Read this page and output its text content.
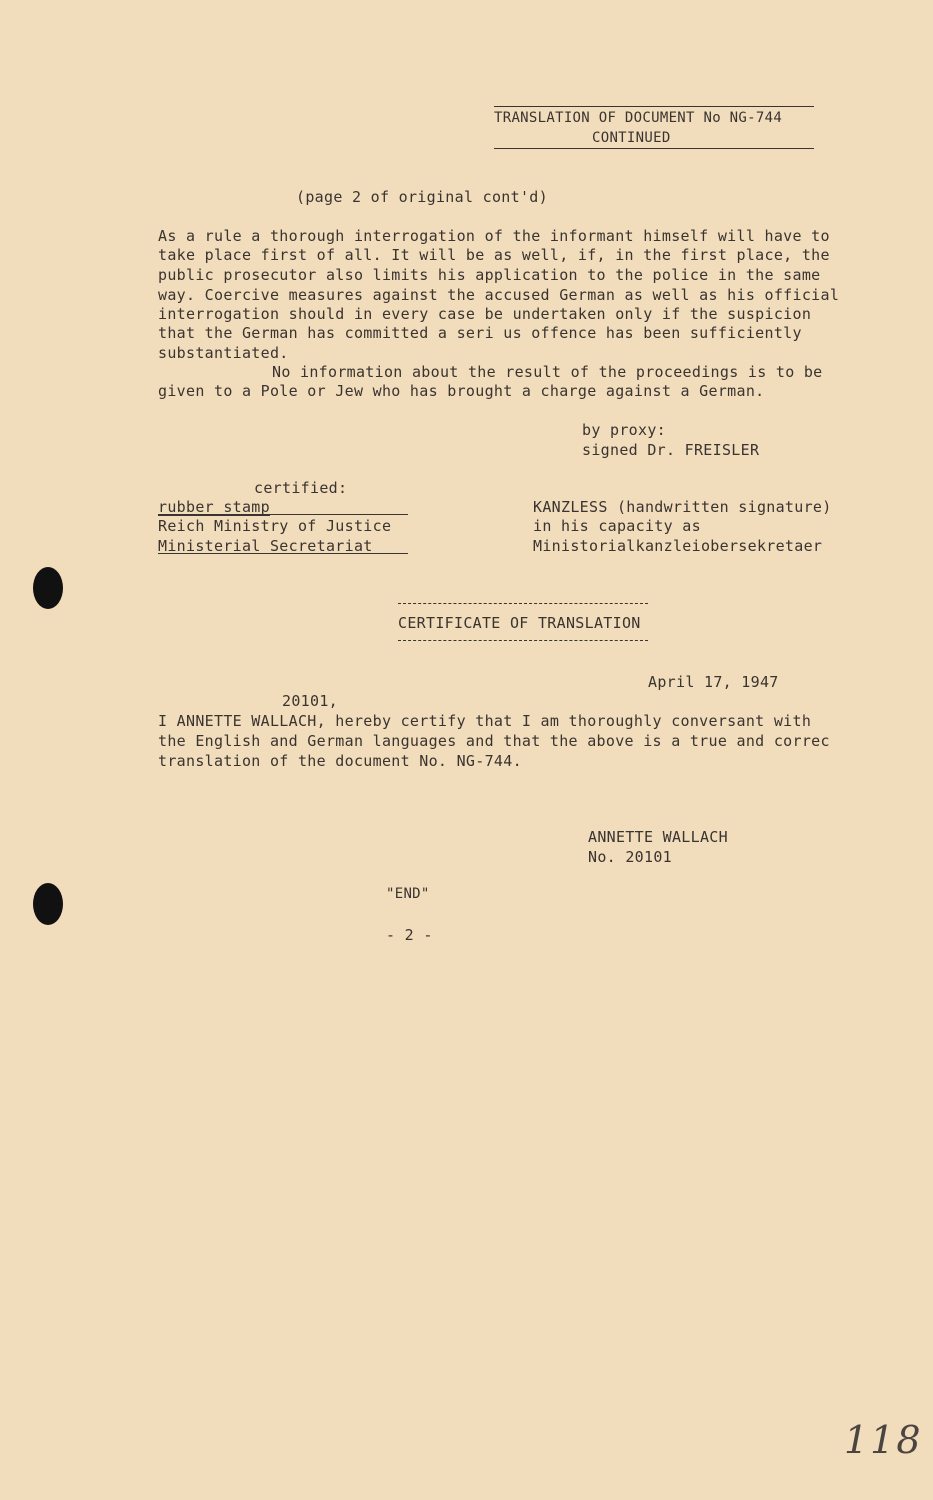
TRANSLATION OF DOCUMENT No NG-744
CONTINUED
(page 2 of original cont'd)
As a rule a thorough interrogation of the informant himself will have to
take place first of all. It will be as well, if, in the first place, the
public prosecutor also limits his application to the police in the same
way. Coercive measures against the accused German as well as his official
interrogation should in every case be undertaken only if the suspicion
that the German has committed a seri us offence has been sufficiently
substantiated.
No information about the result of the proceedings is to be
given to a Pole or Jew who has brought a charge against a German.
by proxy:
signed Dr. FREISLER
certified:
rubber stamp
Reich Ministry of Justice
Ministerial Secretariat
KANZLESS (handwritten signature)
in his capacity as
Ministorialkanzleiobersekretaer
CERTIFICATE OF TRANSLATION
April 17, 1947
20101,
I ANNETTE WALLACH, hereby certify that I am thoroughly conversant with
the English and German languages and that the above is a true and correc
translation of the document No. NG-744.
ANNETTE WALLACH
No. 20101
"END"
- 2 -
118
